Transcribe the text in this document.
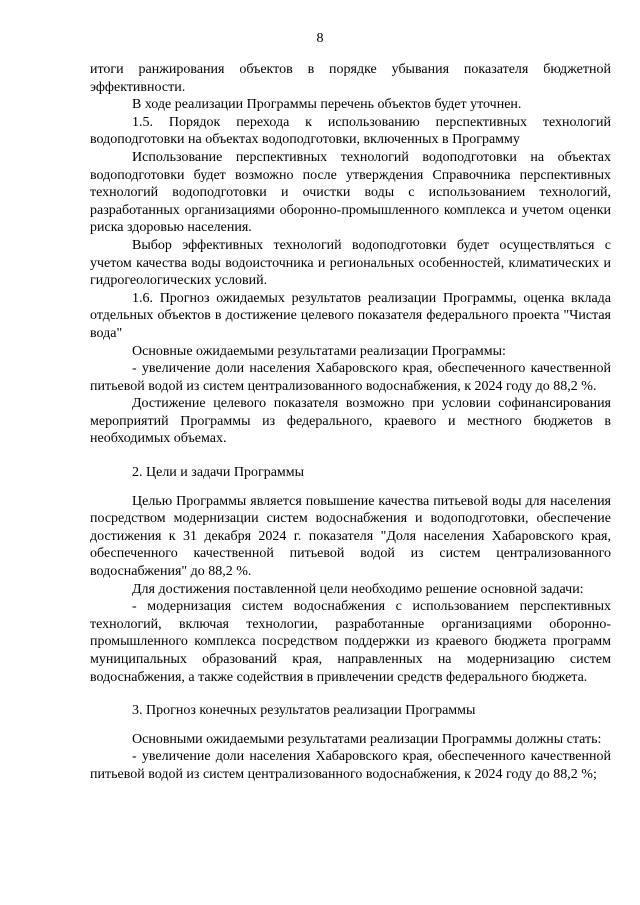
8

итоги ранжирования объектов в порядке убывания показателя бюджетной эффективности.

В ходе реализации Программы перечень объектов будет уточнен.

1.5. Порядок перехода к использованию перспективных технологий водоподготовки на объектах водоподготовки, включенных в Программу

Использование перспективных технологий водоподготовки на объектах водоподготовки будет возможно после утверждения Справочника перспективных технологий водоподготовки и очистки воды с использованием технологий, разработанных организациями оборонно-промышленного комплекса и учетом оценки риска здоровью населения.

Выбор эффективных технологий водоподготовки будет осуществляться с учетом качества воды водоисточника и региональных особенностей, климатических и гидрогеологических условий.

1.6. Прогноз ожидаемых результатов реализации Программы, оценка вклада отдельных объектов в достижение целевого показателя федерального проекта "Чистая вода"

Основные ожидаемыми результатами реализации Программы:

- увеличение доли населения Хабаровского края, обеспеченного качественной питьевой водой из систем централизованного водоснабжения, к 2024 году до 88,2 %.

Достижение целевого показателя возможно при условии софинансирования мероприятий Программы из федерального, краевого и местного бюджетов в необходимых объемах.

2. Цели и задачи Программы

Целью Программы является повышение качества питьевой воды для населения посредством модернизации систем водоснабжения и водоподготовки, обеспечение достижения к 31 декабря 2024 г. показателя "Доля населения Хабаровского края, обеспеченного качественной питьевой водой из систем централизованного водоснабжения" до 88,2 %.

Для достижения поставленной цели необходимо решение основной задачи:

- модернизация систем водоснабжения с использованием перспективных технологий, включая технологии, разработанные организациями оборонно-промышленного комплекса посредством поддержки из краевого бюджета программ муниципальных образований края, направленных на модернизацию систем водоснабжения, а также содействия в привлечении средств федерального бюджета.

3. Прогноз конечных результатов реализации Программы

Основными ожидаемыми результатами реализации Программы должны стать:

- увеличение доли населения Хабаровского края, обеспеченного качественной питьевой водой из систем централизованного водоснабжения, к 2024 году до 88,2 %;
